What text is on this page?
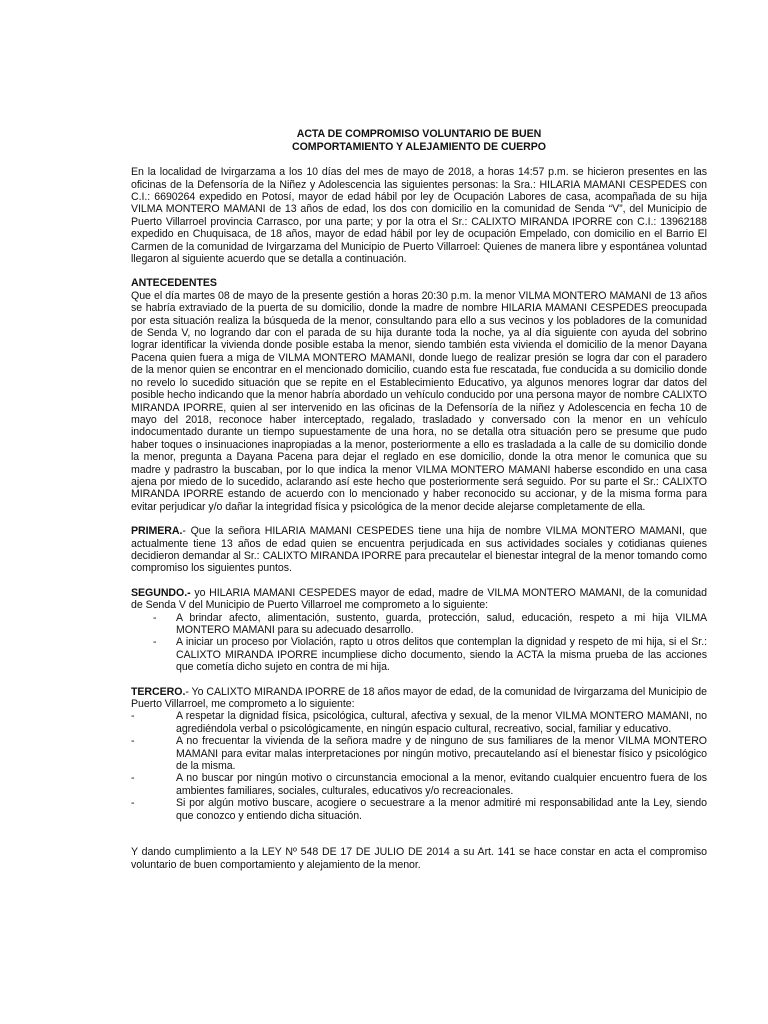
ACTA DE COMPROMISO VOLUNTARIO DE BUEN
COMPORTAMIENTO Y ALEJAMIENTO DE CUERPO

En la localidad de Ivirgarzama a los 10 días del mes de mayo de 2018, a horas 14:57 p.m. se hicieron presentes en las oficinas de la Defensoría de la Niñez y Adolescencia las siguientes personas: la Sra.: HILARIA MAMANI CESPEDES con C.I.: 6690264 expedido en Potosí, mayor de edad hábil por ley de Ocupación Labores de casa, acompañada de su hija VILMA MONTERO MAMANI de 13 años de edad, los dos con domicilio en la comunidad de Senda “V”, del Municipio de Puerto Villarroel provincia Carrasco, por una parte; y por la otra el Sr.: CALIXTO MIRANDA IPORRE con C.I.: 13962188 expedido en Chuquisaca, de 18 años, mayor de edad hábil por ley de ocupación Empelado, con domicilio en el Barrio El Carmen de la comunidad de Ivirgarzama del Municipio de Puerto Villarroel: Quienes de manera libre y espontánea voluntad llegaron al siguiente acuerdo que se detalla a continuación.

ANTECEDENTES

Que el día martes 08 de mayo de la presente gestión a horas 20:30 p.m. la menor VILMA MONTERO MAMANI de 13 años se habría extraviado de la puerta de su domicilio, donde la madre de nombre HILARIA MAMANI CESPEDES preocupada por esta situación realiza la búsqueda de la menor, consultando para ello a sus vecinos y los pobladores de la comunidad de Senda V, no logrando dar con el parada de su hija durante toda la noche, ya al día siguiente con ayuda del sobrino lograr identificar la vivienda donde posible estaba la menor, siendo también esta vivienda el domicilio de la menor Dayana Pacena quien fuera a miga de VILMA MONTERO MAMANI, donde luego de realizar presión se logra dar con el paradero de la menor quien se encontrar en el mencionado domicilio, cuando esta fue rescatada, fue conducida a su domicilio donde no revelo lo sucedido situación que se repite en el Establecimiento Educativo, ya algunos menores lograr dar datos del posible hecho indicando que la menor habría abordado un vehículo conducido por una persona mayor de nombre CALIXTO MIRANDA IPORRE, quien al ser intervenido en las oficinas de la Defensoría de la niñez y Adolescencia en fecha 10 de mayo del 2018, reconoce haber interceptado, regalado, trasladado y conversado con la menor en un vehículo indocumentado durante un tiempo supuestamente de una hora, no se detalla otra situación pero se presume que pudo haber toques o insinuaciones inapropiadas a la menor, posteriormente a ello es trasladada a la calle de su domicilio donde la menor, pregunta a Dayana Pacena para dejar el reglado en ese domicilio, donde la otra menor le comunica que su madre y padrastro la buscaban, por lo que indica la menor VILMA MONTERO MAMANI haberse escondido en una casa ajena por miedo de lo sucedido, aclarando así este hecho que posteriormente será seguido. Por su parte el Sr.: CALIXTO MIRANDA IPORRE estando de acuerdo con lo mencionado y haber reconocido su accionar, y de la misma forma para evitar perjudicar y/o dañar la integridad física y psicológica de la menor decide alejarse completamente de ella.

PRIMERA.- Que la señora HILARIA MAMANI CESPEDES tiene una hija de nombre VILMA MONTERO MAMANI, que actualmente tiene 13 años de edad quien se encuentra perjudicada en sus actividades sociales y cotidianas quienes decidieron demandar al Sr.: CALIXTO MIRANDA IPORRE para precautelar el bienestar integral de la menor tomando como compromiso los siguientes puntos.

SEGUNDO.- yo HILARIA MAMANI CESPEDES mayor de edad, madre de VILMA MONTERO MAMANI, de la comunidad de Senda V del Municipio de Puerto Villarroel me comprometo a lo siguiente:

- A brindar afecto, alimentación, sustento, guarda, protección, salud, educación, respeto a mi hija VILMA MONTERO MAMANI para su adecuado desarrollo.
- A iniciar un proceso por Violación, rapto u otros delitos que contemplan la dignidad y respeto de mi hija, si el Sr.: CALIXTO MIRANDA IPORRE incumpliese dicho documento, siendo la ACTA la misma prueba de las acciones que cometía dicho sujeto en contra de mi hija.

TERCERO.- Yo CALIXTO MIRANDA IPORRE de 18 años mayor de edad, de la comunidad de Ivirgarzama del Municipio de Puerto Villarroel, me comprometo a lo siguiente:

-	A respetar la dignidad física, psicológica, cultural, afectiva y sexual, de la menor VILMA MONTERO MAMANI, no agrediéndola verbal o psicológicamente, en ningún espacio cultural, recreativo, social, familiar y educativo.
-	A no frecuentar la vivienda de la señora madre y de ninguno de sus familiares de la menor VILMA MONTERO MAMANI para evitar malas interpretaciones por ningún motivo, precautelando así el bienestar físico y psicológico de la misma.
-	A no buscar por ningún motivo o circunstancia emocional a la menor, evitando cualquier encuentro fuera de los ambientes familiares, sociales, culturales, educativos y/o recreacionales.
-	Si por algún motivo buscare, acogiere o secuestrare a la menor admitiré mi responsabilidad ante la Ley, siendo que conozco y entiendo dicha situación.

Y dando cumplimiento a la LEY Nº 548 DE 17 DE JULIO DE 2014 a su Art. 141 se hace constar en acta el compromiso voluntario de buen comportamiento y alejamiento de la menor.
